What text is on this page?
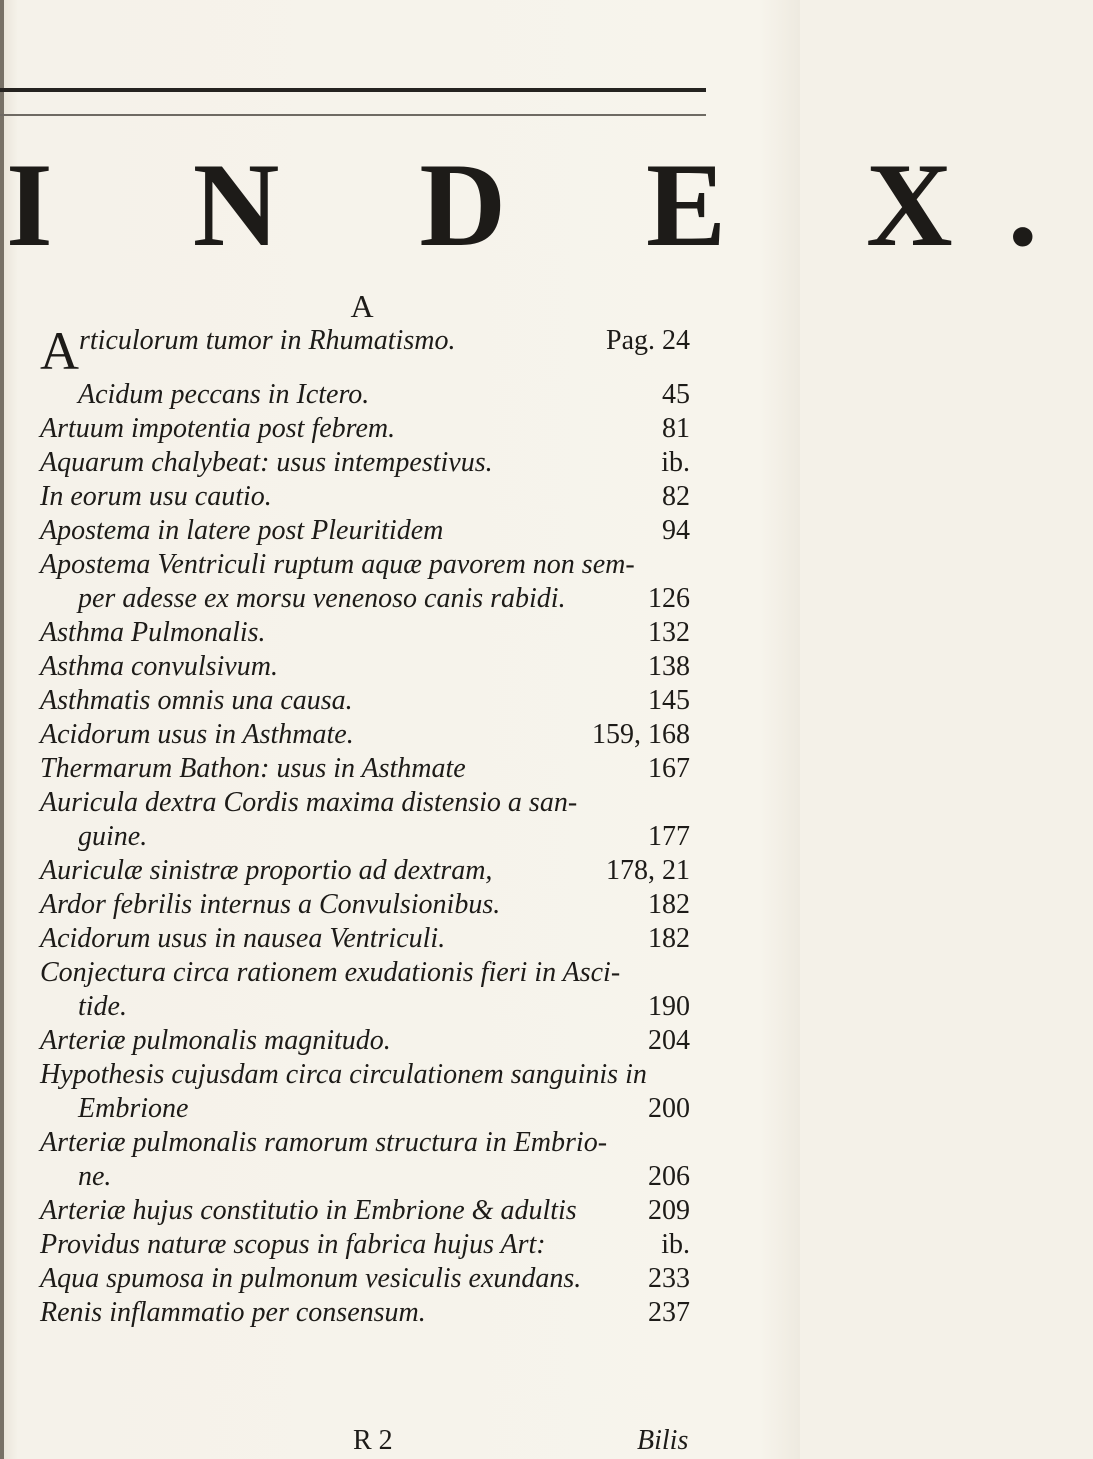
I N D E X.
A
Articulorum tumor in Rhumatismo.	Pag. 24
Acidum peccans in Ictero.	45
Artuum impotentia post febrem.	81
Aquarum chalybeat: usus intempestivus.	ib.
In eorum usu cautio.	82
Apostema in latere post Pleuritidem	94
Apostema Ventriculi ruptum aquæ pavorem non sem-
per adesse ex morsu venenoso canis rabidi.	126
Asthma Pulmonalis.	132
Asthma convulsivum.	138
Asthmatis omnis una causa.	145
Acidorum usus in Asthmate.	159, 168
Thermarum Bathon: usus in Asthmate	167
Auricula dextra Cordis maxima distensio a san-
guine.	177
Auriculæ sinistræ proportio ad dextram,	178, 21
Ardor febrilis internus a Convulsionibus.	182
Acidorum usus in nausea Ventriculi.	182
Conjectura circa rationem exudationis fieri in Asci-
tide.	190
Arteriæ pulmonalis magnitudo.	204
Hypothesis cujusdam circa circulationem sanguinis in
Embrione	200
Arteriæ pulmonalis ramorum structura in Embrio-
ne.	206
Arteriæ hujus constitutio in Embrione & adultis	209
Providus naturæ scopus in fabrica hujus Art:	ib.
Aqua spumosa in pulmonum vesiculis exundans. 233
Renis inflammatio per consensum.	237
R 2	Bilis
